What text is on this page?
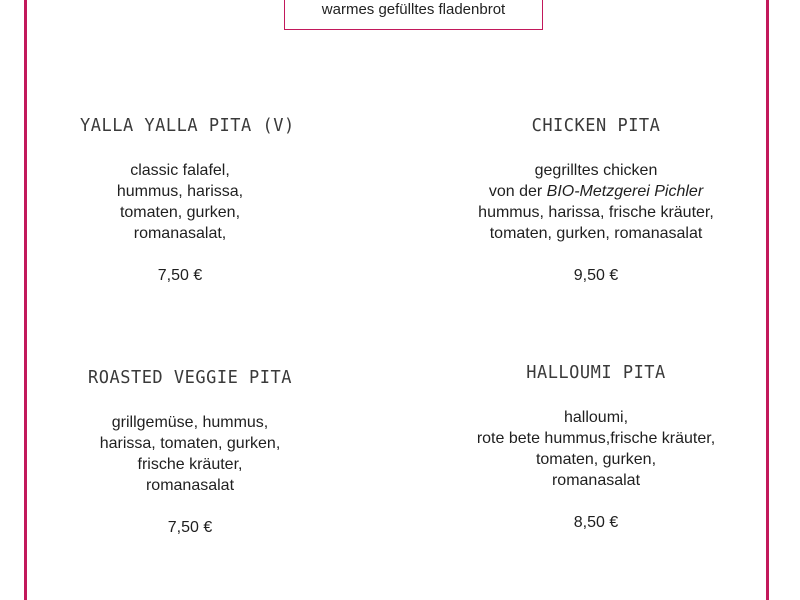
warmes gefülltes fladenbrot
YALLA YALLA PITA (V)
classic falafel,
hummus, harissa,
tomaten, gurken,
romanasalat,
7,50 €
CHICKEN PITA
gegrilltes chicken
von der BIO-Metzgerei Pichler
hummus, harissa, frische kräuter,
tomaten, gurken, romanasalat
9,50 €
ROASTED VEGGIE PITA
grillgemüse, hummus,
harissa, tomaten, gurken,
frische kräuter,
romanasalat
7,50 €
HALLOUMI PITA
halloumi,
rote bete hummus,frische kräuter,
tomaten, gurken,
romanasalat
8,50 €
